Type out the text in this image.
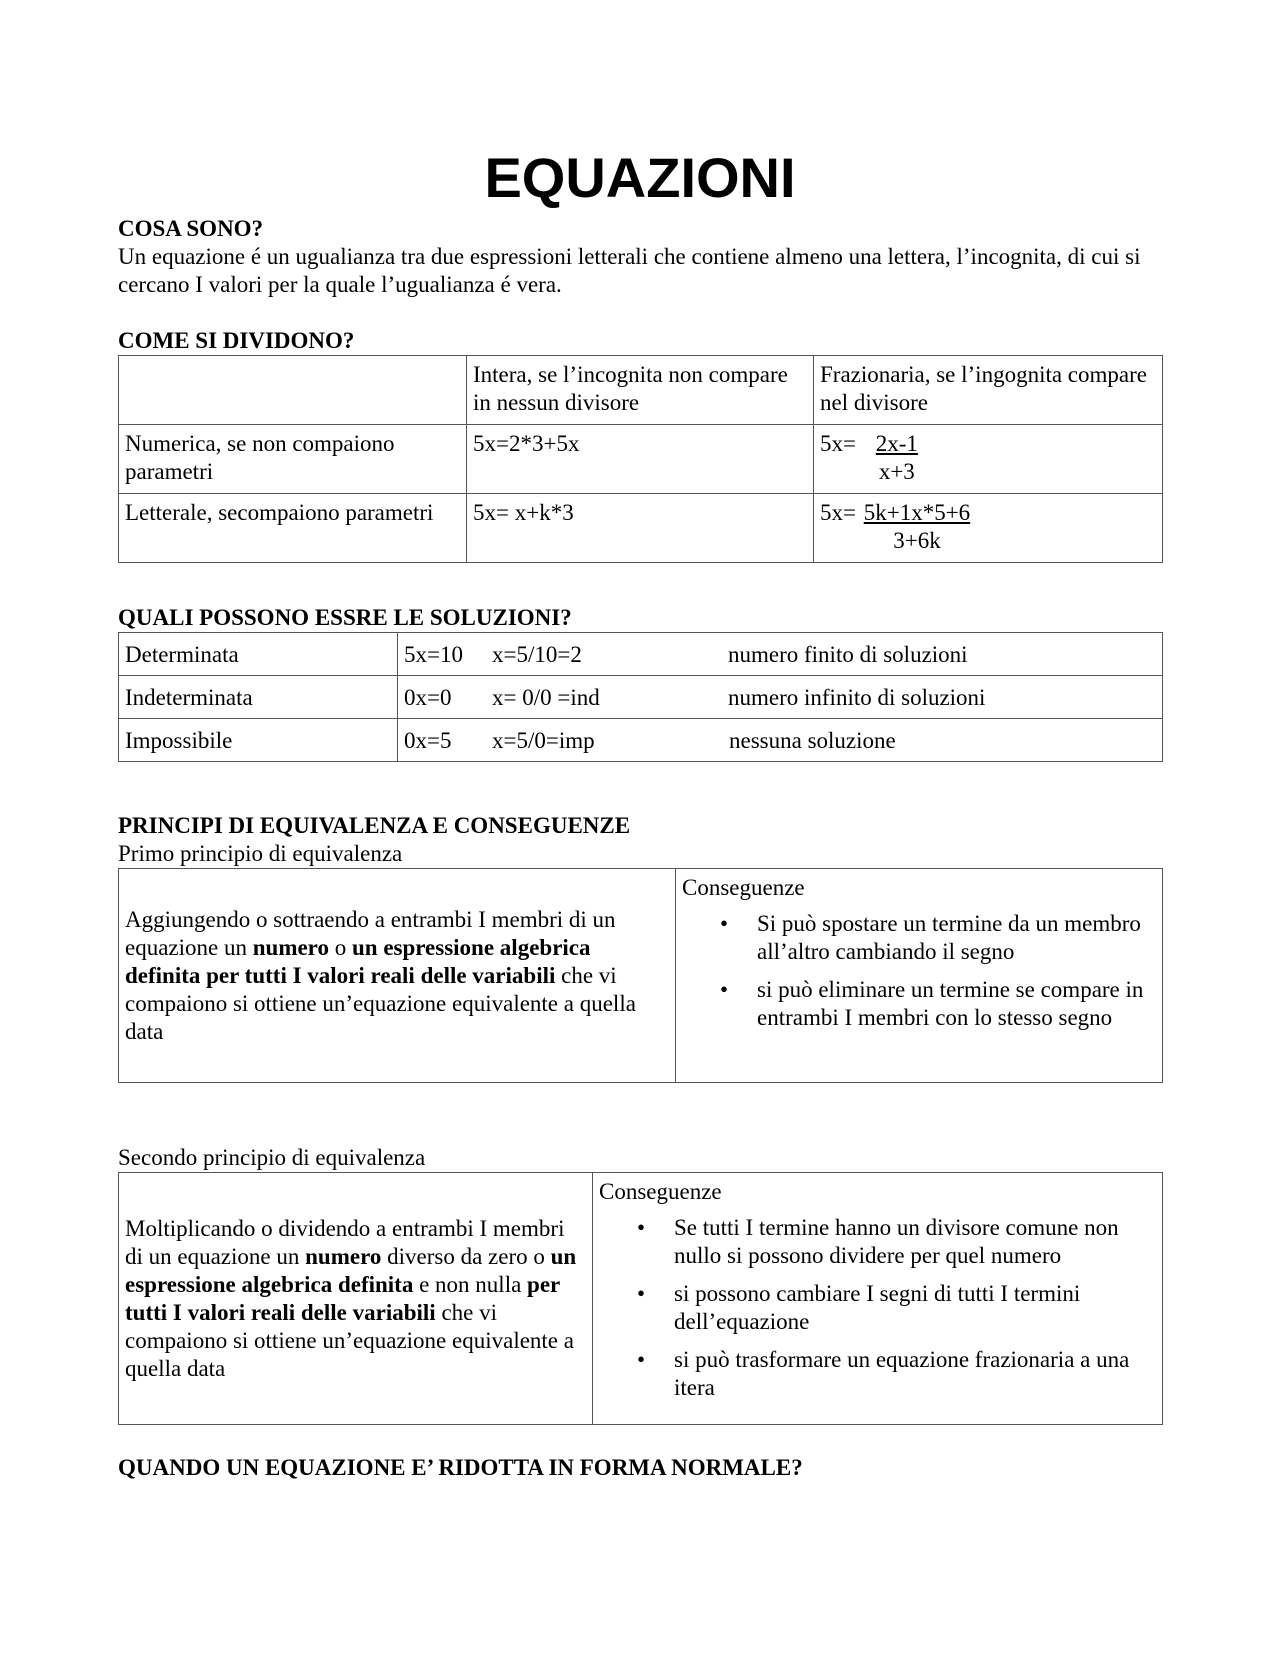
EQUAZIONI

COSA SONO?

Un equazione é un ugualianza tra due espressioni letterali che contiene almeno una lettera, l’incognita, di cui si cercano I valori per la quale l’ugualianza é vera.

COME SI DIVIDONO?

	Intera, se l’incognita non compare in nessun divisore	Frazionaria, se l’ingognita compare nel divisore
Numerica, se non compaiono parametri	5x=2*3+5x	$5x= \frac{2x-1}{x+3}$

Letterale, secompaiono parametri	5x= x+k*3	$5x= \frac{5k+1x*5+6}{3+6k}$

QUALI POSSONO ESSRE LE SOLUZIONI?

Determinata	5x=10 x=5/10=2 numero finito di soluzioni
Indeterminata	0x=0 x= 0/0 =ind numero infinito di soluzioni
Impossibile	0x=5 x=5/0=imp nessuna soluzione

PRINCIPI DI EQUIVALENZA E CONSEGUENZE

Primo principio di equivalenza

Aggiungendo o sottraendo a entrambi I membri di un equazione un numero o un espressione algebrica definita per tutti I valori reali delle variabili che vi compaiono si ottiene un’equazione equivalente a quella data	
Conseguenze
• Si può spostare un termine da un membro all’altro cambiando il segno
• si può eliminare un termine se compare in entrambi I membri con lo stesso segno

Secondo principio di equivalenza

Moltiplicando o dividendo a entrambi I membri di un equazione un numero diverso da zero o un espressione algebrica definita e non nulla per tutti I valori reali delle variabili che vi compaiono si ottiene un’equazione equivalente a quella data	
Conseguenze
• Se tutti I termine hanno un divisore comune non nullo si possono dividere per quel numero
• si possono cambiare I segni di tutti I termini dell’equazione
• si può trasformare un equazione frazionaria a una itera

QUANDO UN EQUAZIONE E’ RIDOTTA IN FORMA NORMALE?
